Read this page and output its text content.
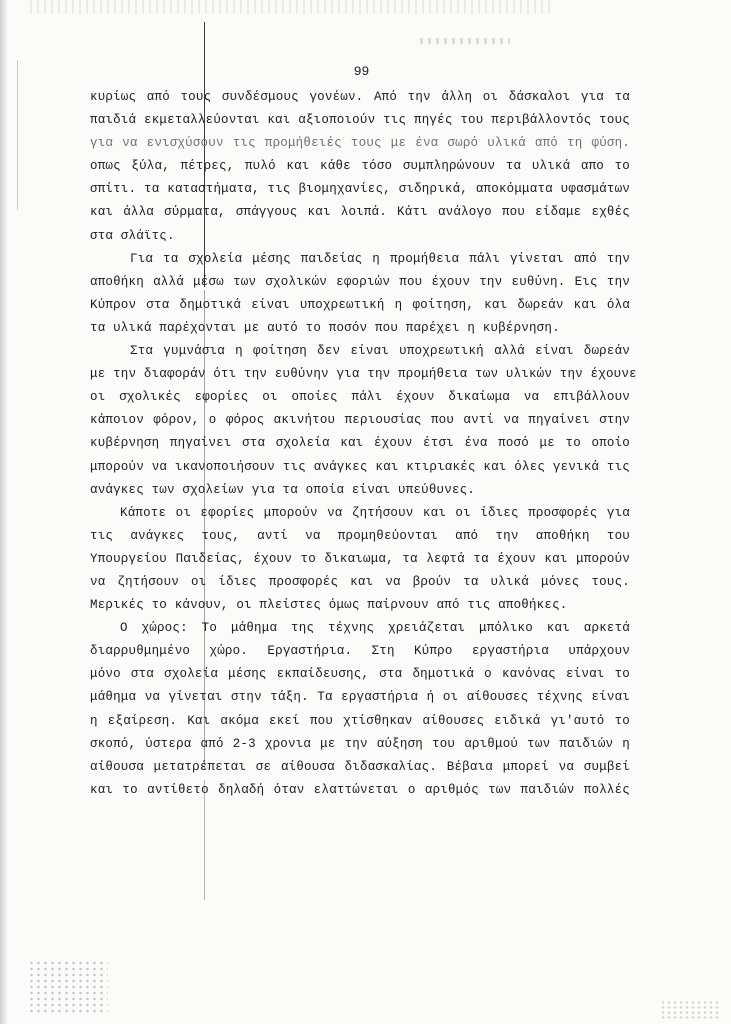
99
κυρίως από τους συνδέσμους γονέων. Από την άλλη οι δάσκαλοι για τα
παιδιά εκμεταλλεύονται και αξιοποιούν τις πηγές του περιβάλλοντός τους
για να ενισχύσουν τις προμήθειές τους με ένα σωρό υλικά από τη φύση.
οπως ξύλα, πέτρες, πυλό και κάθε τόσο συμπληρώνουν τα υλικά απο το
σπίτι. τα καταστήματα, τις βιομηχανίες, σιδηρικά, αποκόμματα υφασμάτων
και άλλα σύρματα, σπάγγους και λοιπά. Κάτι ανάλογο που είδαμε εχθές
στα σλάϊτς.
Για τα σχολεία μέσης παιδείας η προμήθεια πάλι γίνεται από την
αποθήκη αλλά μέσω των σχολικών εφοριών που έχουν την ευθύνη. Εις την
Κύπρον στα δημοτικά είναι υποχρεωτική η φοίτηση, και δωρεάν και όλα
τα υλικά παρέχονται με αυτό το ποσόν που παρέχει η κυβέρνηση.
Στα γυμνάσια η φοίτηση δεν είναι υποχρεωτική αλλά είναι δωρεάν
με την διαφοράν ότι την ευθύνην για την προμήθεια των υλικών την έχουνε
οι σχολικές εφορίες οι οποίες πάλι έχουν δικαίωμα να επιβάλλουν
κάποιον φόρον, ο φόρος ακινήτου περιουσίας που αντί να πηγαίνει στην
κυβέρνηση πηγαίνει στα σχολεία και έχουν έτσι ένα ποσό με το οποίο
μπορούν να ικανοποιήσουν τις ανάγκες και κτιριακές και όλες γενικά τις
ανάγκες των σχολείων για τα οποία είναι υπεύθυνες.
Κάποτε οι εφορίες μπορούν να ζητήσουν και οι ίδιες προσφορές για
τις ανάγκες τους, αντί να προμηθεύονται από την αποθήκη του
Υπουργείου Παιδείας, έχουν το δικαιωμα, τα λεφτά τα έχουν και μπορούν
να ζητήσουν οι ίδιες προσφορές και να βρούν τα υλικά μόνες τους.
Μερικές το κάνουν, οι πλείστες όμως παίρνουν από τις αποθήκες.
Ο χώρος: Το μάθημα της τέχνης χρειάζεται μπόλικο και αρκετά
διαρρυθμημένο χώρο. Εργαστήρια. Στη Κύπρο εργαστήρια υπάρχουν
μόνο στα σχολεία μέσης εκπαίδευσης, στα δημοτικά ο κανόνας είναι το
μάθημα να γίνεται στην τάξη. Τα εργαστήρια ή οι αίθουσες τέχνης είναι
η εξαίρεση. Και ακόμα εκεί που χτίσθηκαν αίθουσες ειδικά γι'αυτό το
σκοπό, ύστερα από 2-3 χρονια με την αύξηση του αριθμού των παιδιών η
αίθουσα μετατρέπεται σε αίθουσα διδασκαλίας. Βέβαια μπορεί να συμβεί
και το αντίθετο δηλαδή όταν ελαττώνεται ο αριθμός των παιδιών πολλές
